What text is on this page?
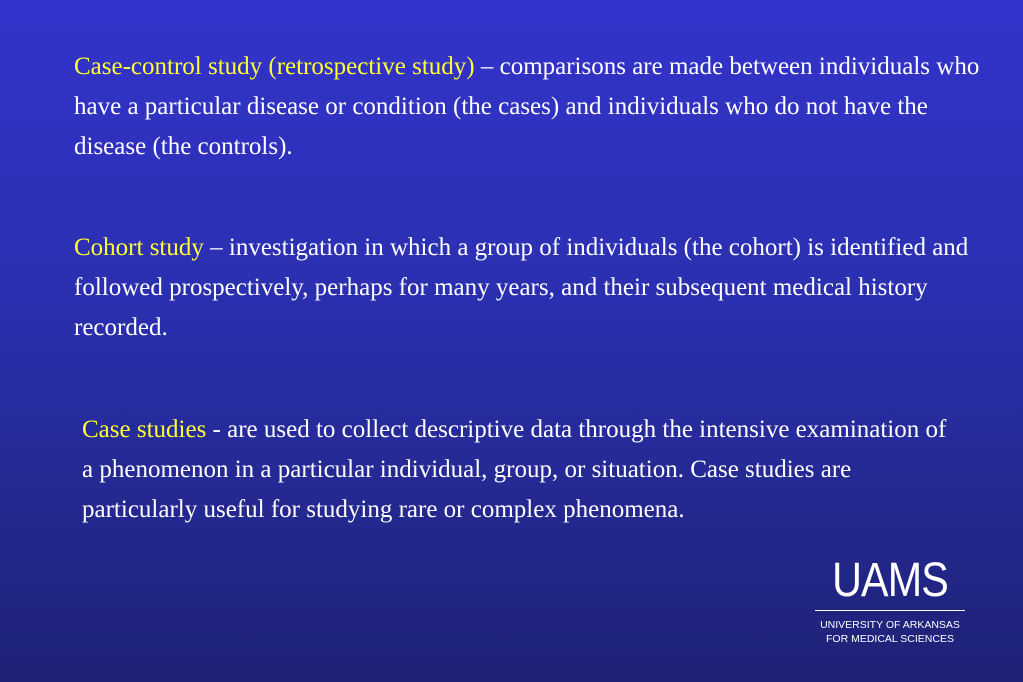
Case-control study (retrospective study) – comparisons are made between individuals who have a particular disease or condition (the cases) and individuals who do not have the disease (the controls).

Cohort study – investigation in which a group of individuals (the cohort) is identified and followed prospectively, perhaps for many years, and their subsequent medical history recorded.

Case studies - are used to collect descriptive data through the intensive examination of a phenomenon in a particular individual, group, or situation. Case studies are particularly useful for studying rare or complex phenomena.

UAMS
UNIVERSITY OF ARKANSAS
FOR MEDICAL SCIENCES
